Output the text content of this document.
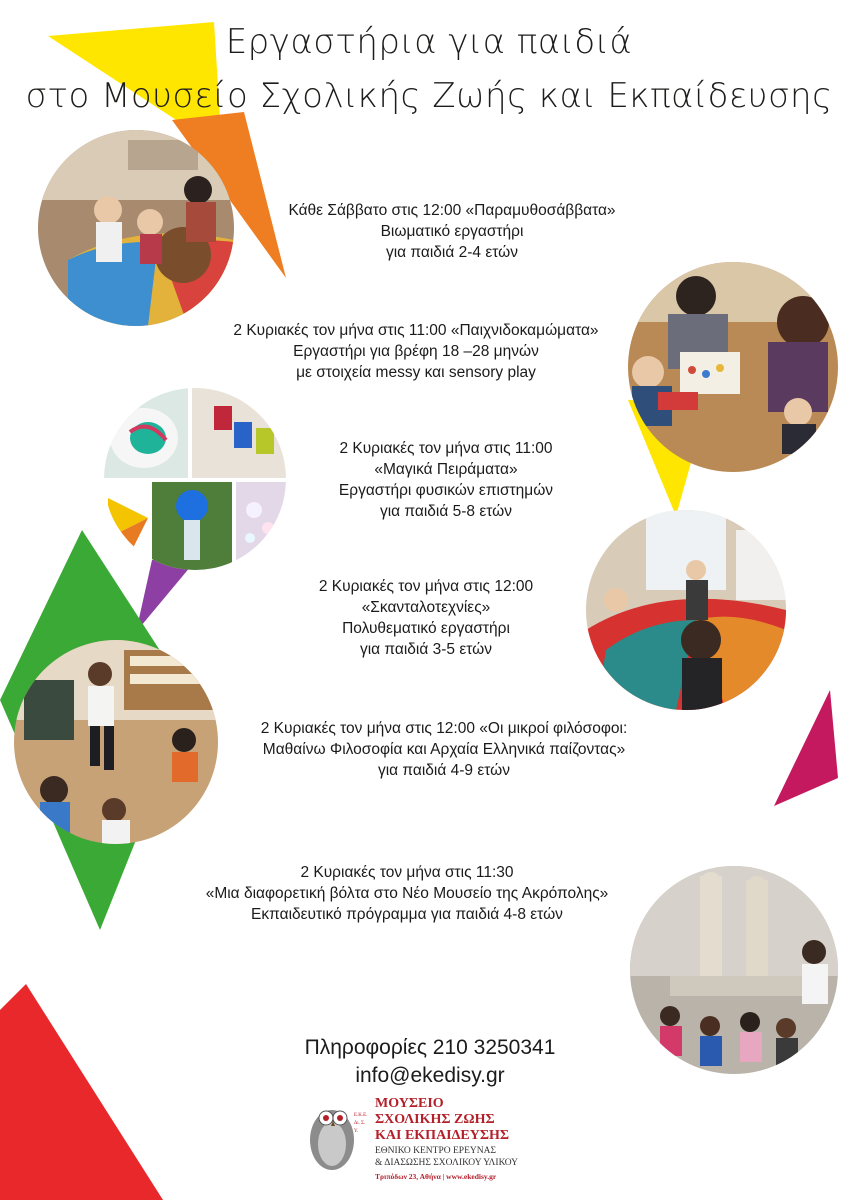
Εργαστήρια για παιδιά
στο Μουσείο Σχολικής Ζωής και Εκπαίδευσης
Κάθε Σάββατο στις 12:00 «Παραμυθοσάββατα»
Βιωματικό εργαστήρι
για παιδιά 2-4 ετών
2 Κυριακές τον μήνα στις 11:00 «Παιχνιδοκαμώματα»
Εργαστήρι για βρέφη 18 –28 μηνών
με στοιχεία messy και sensory play
2 Κυριακές τον μήνα στις 11:00
«Μαγικά Πειράματα»
Εργαστήρι φυσικών επιστημών
για παιδιά 5-8 ετών
2 Κυριακές τον μήνα στις 12:00
«Σκανταλοτεχνίες»
Πολυθεματικό εργαστήρι
για παιδιά 3-5 ετών
2 Κυριακές τον μήνα στις 12:00 «Οι μικροί φιλόσοφοι:
Μαθαίνω Φιλοσοφία και Αρχαία Ελληνικά παίζοντας»
για παιδιά 4-9 ετών
2 Κυριακές τον μήνα στις 11:30
«Μια διαφορετική βόλτα στο Νέο Μουσείο της Ακρόπολης»
Εκπαιδευτικό πρόγραμμα για παιδιά 4-8 ετών
Πληροφορίες 210 3250341
info@ekedisy.gr
Ε.Κ.Ε. Δι. Σ.Υ.
ΜΟΥΣΕΙΟ
ΣΧΟΛΙΚΗΣ ΖΩΗΣ
ΚΑΙ ΕΚΠΑΙΔΕΥΣΗΣ
ΕΘΝΙΚΟ ΚΕΝΤΡΟ ΕΡΕΥΝΑΣ
& ΔΙΑΣΩΣΗΣ ΣΧΟΛΙΚΟΥ ΥΛΙΚΟΥ
Τριπόδων 23, Αθήνα | www.ekedisy.gr
